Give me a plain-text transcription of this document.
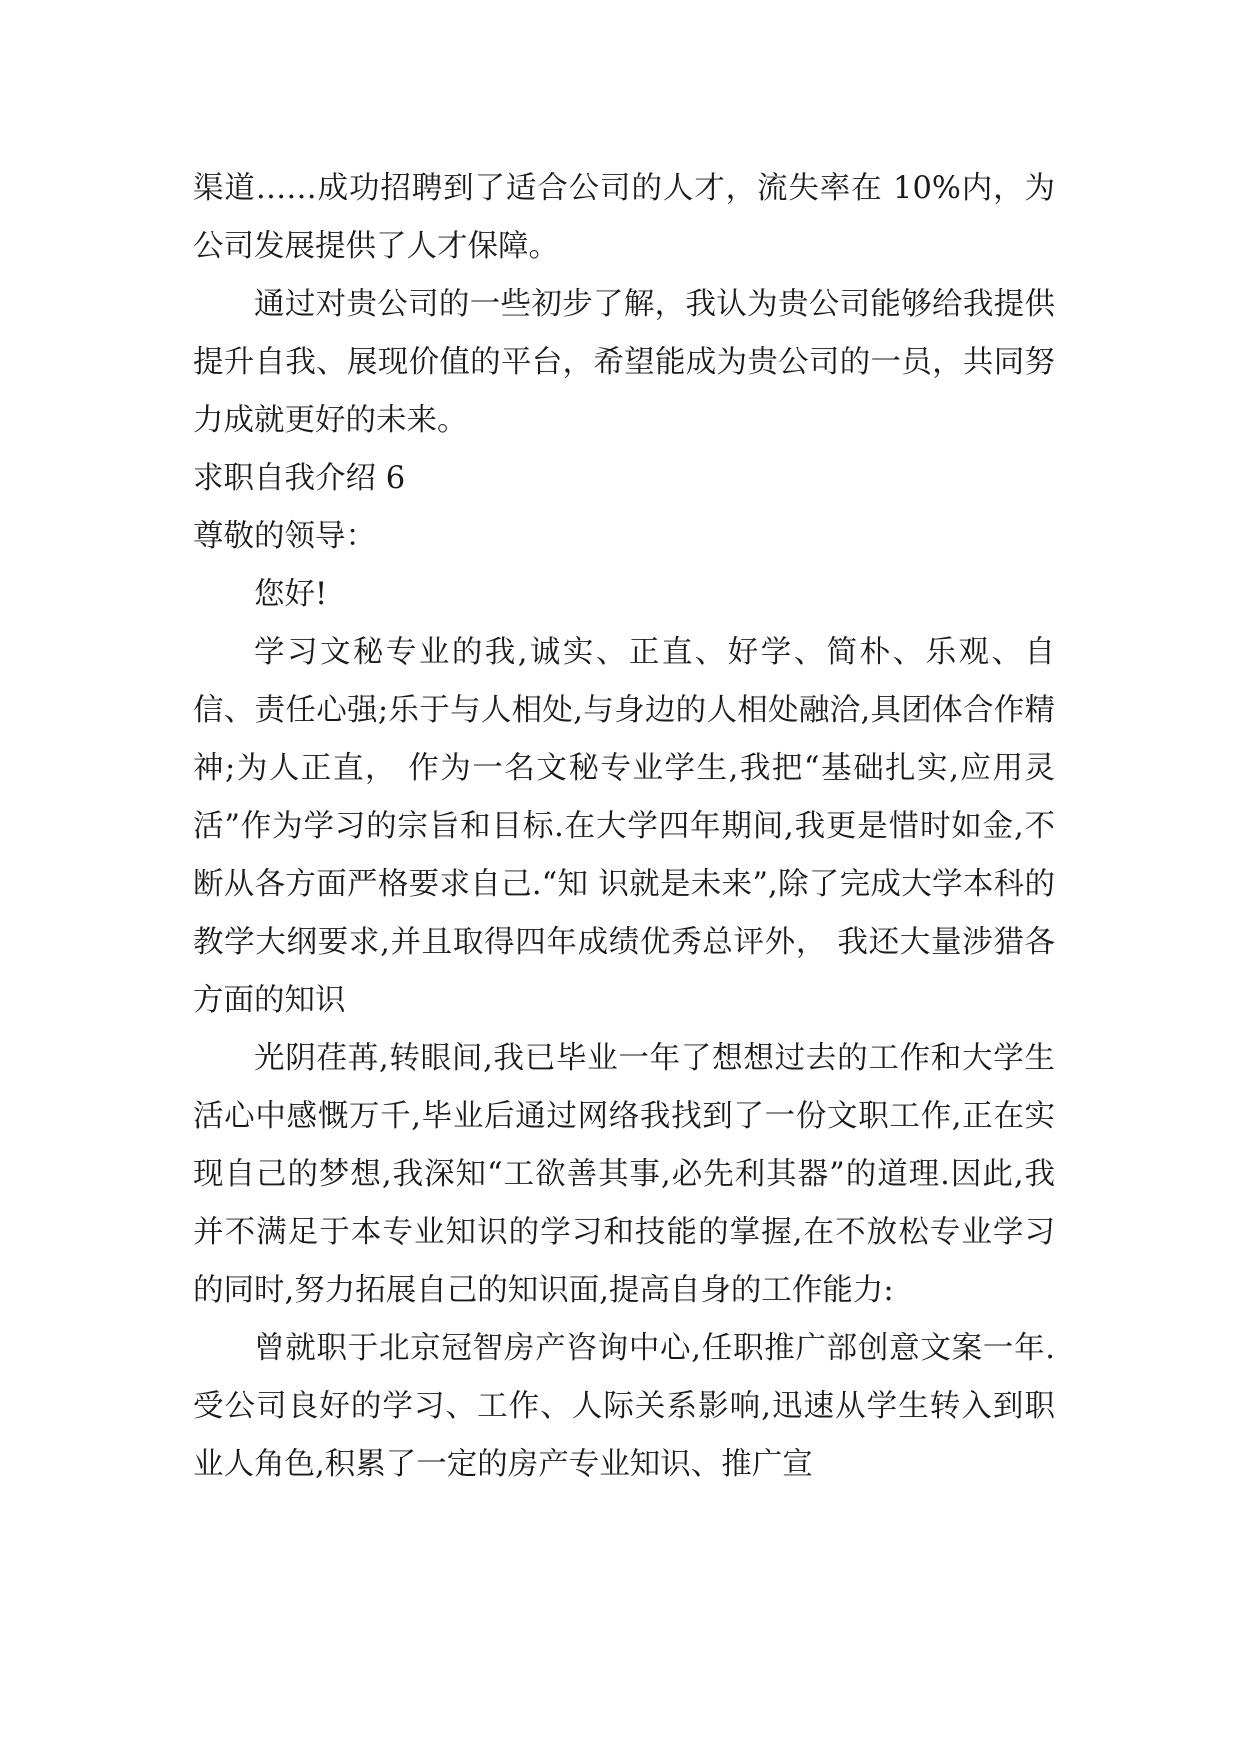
渠道……成功招聘到了适合公司的人才，流失率在 10%内，为公司发展提供了人才保障。

通过对贵公司的一些初步了解，我认为贵公司能够给我提供提升自我、展现价值的平台，希望能成为贵公司的一员，共同努力成就更好的未来。

求职自我介绍 6

尊敬的领导：

您好!

学习文秘专业的我,诚实、正直、好学、简朴、乐观、自信、责任心强;乐于与人相处,与身边的人相处融洽,具团体合作精神;为人正直， 作为一名文秘专业学生,我把“基础扎实,应用灵活”作为学习的宗旨和目标.在大学四年期间,我更是惜时如金,不断从各方面严格要求自己.“知 识就是未来”,除了完成大学本科的教学大纲要求,并且取得四年成绩优秀总评外， 我还大量涉猎各方面的知识

光阴荏苒,转眼间,我已毕业一年了想想过去的工作和大学生活心中感慨万千,毕业后通过网络我找到了一份文职工作,正在实现自己的梦想,我深知“工欲善其事,必先利其器”的道理.因此,我并不满足于本专业知识的学习和技能的掌握,在不放松专业学习的同时,努力拓展自己的知识面,提高自身的工作能力:

曾就职于北京冠智房产咨询中心,任职推广部创意文案一年. 受公司良好的学习、工作、人际关系影响,迅速从学生转入到职业人角色,积累了一定的房产专业知识、推广宣
